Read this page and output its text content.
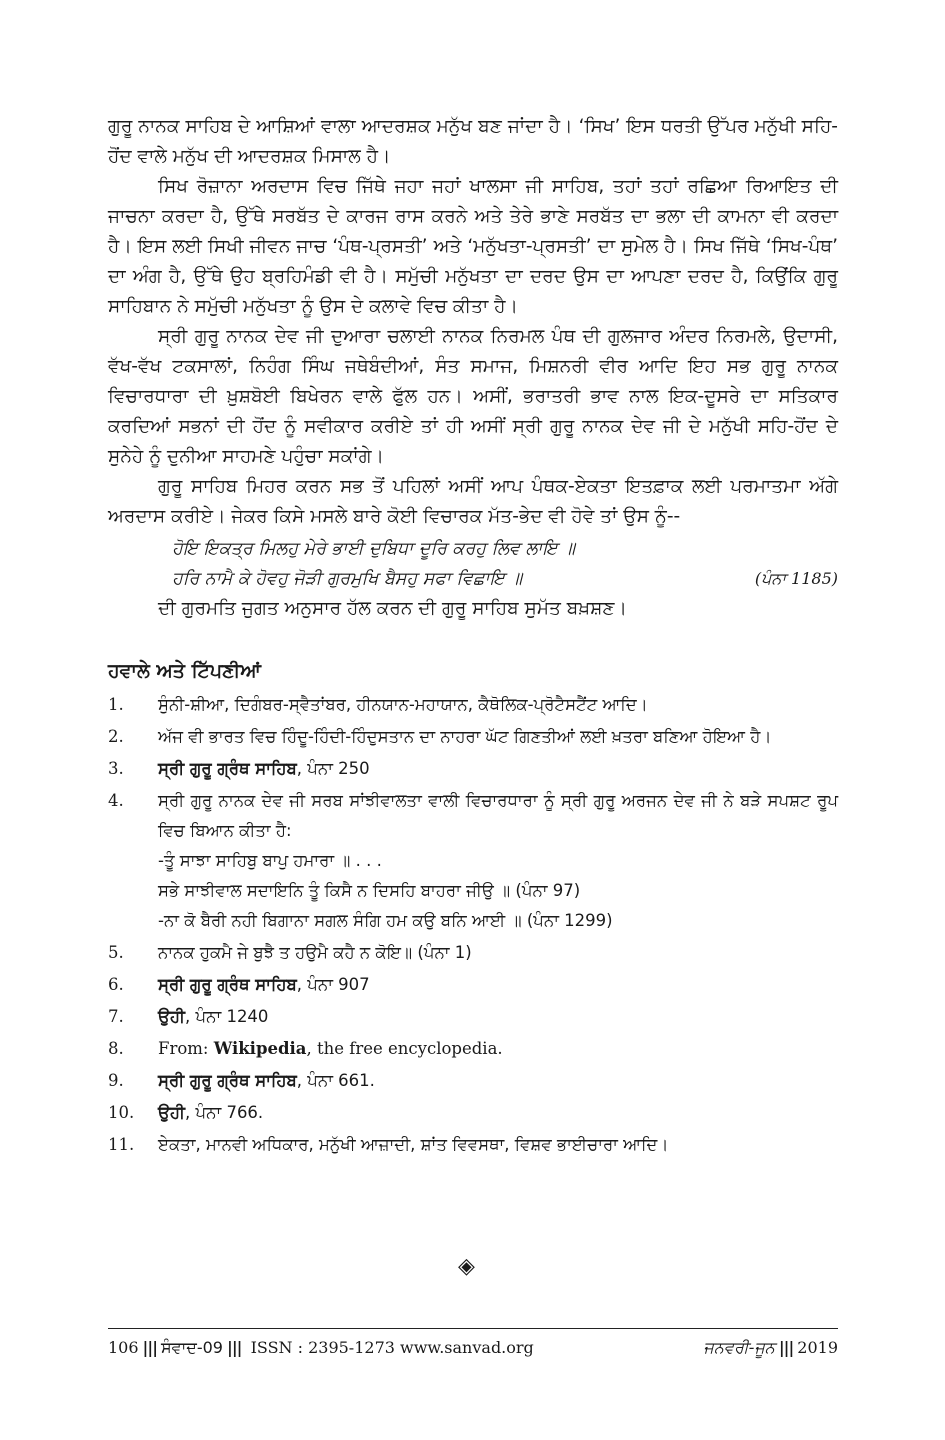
ਗੁਰੂ ਨਾਨਕ ਸਾਹਿਬ ਦੇ ਆਸ਼ਿਆਂ ਵਾਲਾ ਆਦਰਸ਼ਕ ਮਨੁੱਖ ਬਣ ਜਾਂਦਾ ਹੈ। ‘ਸਿਖ’ ਇਸ ਧਰਤੀ ਉੱਪਰ ਮਨੁੱਖੀ ਸਹਿ-ਹੋਂਦ ਵਾਲੇ ਮਨੁੱਖ ਦੀ ਆਦਰਸ਼ਕ ਮਿਸਾਲ ਹੈ।

ਸਿਖ ਰੋਜ਼ਾਨਾ ਅਰਦਾਸ ਵਿਚ ਜਿੱਥੇ ਜਹਾ ਜਹਾਂ ਖਾਲਸਾ ਜੀ ਸਾਹਿਬ, ਤਹਾਂ ਤਹਾਂ ਰਛਿਆ ਰਿਆਇਤ ਦੀ ਜਾਚਨਾ ਕਰਦਾ ਹੈ, ਉੱਥੇ ਸਰਬੱਤ ਦੇ ਕਾਰਜ ਰਾਸ ਕਰਨੇ ਅਤੇ ਤੇਰੇ ਭਾਣੇ ਸਰਬੱਤ ਦਾ ਭਲਾ ਦੀ ਕਾਮਨਾ ਵੀ ਕਰਦਾ ਹੈ। ਇਸ ਲਈ ਸਿਖੀ ਜੀਵਨ ਜਾਚ ‘ਪੰਥ-ਪ੍ਰਸਤੀ’ ਅਤੇ ‘ਮਨੁੱਖਤਾ-ਪ੍ਰਸਤੀ’ ਦਾ ਸੁਮੇਲ ਹੈ। ਸਿਖ ਜਿੱਥੇ ‘ਸਿਖ-ਪੰਥ’ ਦਾ ਅੰਗ ਹੈ, ਉੱਥੇ ਉਹ ਬ੍ਰਹਿਮੰਡੀ ਵੀ ਹੈ। ਸਮੁੱਚੀ ਮਨੁੱਖਤਾ ਦਾ ਦਰਦ ਉਸ ਦਾ ਆਪਣਾ ਦਰਦ ਹੈ, ਕਿਉਂਕਿ ਗੁਰੂ ਸਾਹਿਬਾਨ ਨੇ ਸਮੁੱਚੀ ਮਨੁੱਖਤਾ ਨੂੰ ਉਸ ਦੇ ਕਲਾਵੇ ਵਿਚ ਕੀਤਾ ਹੈ।

ਸ੍ਰੀ ਗੁਰੂ ਨਾਨਕ ਦੇਵ ਜੀ ਦੁਆਰਾ ਚਲਾਈ ਨਾਨਕ ਨਿਰਮਲ ਪੰਥ ਦੀ ਗੁਲਜਾਰ ਅੰਦਰ ਨਿਰਮਲੇ, ਉਦਾਸੀ, ਵੱਖ-ਵੱਖ ਟਕਸਾਲਾਂ, ਨਿਹੰਗ ਸਿੰਘ ਜਥੇਬੰਦੀਆਂ, ਸੰਤ ਸਮਾਜ, ਮਿਸ਼ਨਰੀ ਵੀਰ ਆਦਿ ਇਹ ਸਭ ਗੁਰੂ ਨਾਨਕ ਵਿਚਾਰਧਾਰਾ ਦੀ ਖ਼ੁਸ਼ਬੋਈ ਬਿਖੇਰਨ ਵਾਲੇ ਫੁੱਲ ਹਨ। ਅਸੀਂ, ਭਰਾਤਰੀ ਭਾਵ ਨਾਲ ਇਕ-ਦੂਸਰੇ ਦਾ ਸਤਿਕਾਰ ਕਰਦਿਆਂ ਸਭਨਾਂ ਦੀ ਹੋਂਦ ਨੂੰ ਸਵੀਕਾਰ ਕਰੀਏ ਤਾਂ ਹੀ ਅਸੀਂ ਸ੍ਰੀ ਗੁਰੂ ਨਾਨਕ ਦੇਵ ਜੀ ਦੇ ਮਨੁੱਖੀ ਸਹਿ-ਹੋਂਦ ਦੇ ਸੁਨੇਹੇ ਨੂੰ ਦੁਨੀਆ ਸਾਹਮਣੇ ਪਹੁੰਚਾ ਸਕਾਂਗੇ।

ਗੁਰੂ ਸਾਹਿਬ ਮਿਹਰ ਕਰਨ ਸਭ ਤੋਂ ਪਹਿਲਾਂ ਅਸੀਂ ਆਪ ਪੰਥਕ-ਏਕਤਾ ਇਤਫ਼ਾਕ ਲਈ ਪਰਮਾਤਮਾ ਅੱਗੇ ਅਰਦਾਸ ਕਰੀਏ। ਜੇਕਰ ਕਿਸੇ ਮਸਲੇ ਬਾਰੇ ਕੋਈ ਵਿਚਾਰਕ ਮੱਤ-ਭੇਦ ਵੀ ਹੋਵੇ ਤਾਂ ਉਸ ਨੂੰ--

ਹੋਇ ਇਕਤ੍ਰ ਮਿਲਹੁ ਮੇਰੇ ਭਾਈ ਦੁਬਿਧਾ ਦੂਰਿ ਕਰਹੁ ਲਿਵ ਲਾਇ ॥
ਹਰਿ ਨਾਮੈ ਕੇ ਹੋਵਹੁ ਜੋੜੀ ਗੁਰਮੁਖਿ ਬੈਸਹੁ ਸਫਾ ਵਿਛਾਇ ॥	(ਪੰਨਾ 1185)

ਦੀ ਗੁਰਮਤਿ ਜੁਗਤ ਅਨੁਸਾਰ ਹੱਲ ਕਰਨ ਦੀ ਗੁਰੂ ਸਾਹਿਬ ਸੁਮੱਤ ਬਖ਼ਸ਼ਣ।

ਹਵਾਲੇ ਅਤੇ ਟਿੱਪਣੀਆਂ
1.	ਸੁੰਨੀ-ਸ਼ੀਆ, ਦਿਗੰਬਰ-ਸ੍ਵੈਤਾਂਬਰ, ਹੀਨਯਾਨ-ਮਹਾਯਾਨ, ਕੈਥੋਲਿਕ-ਪ੍ਰੋਟੈਸਟੈਂਟ ਆਦਿ।
2.	ਅੱਜ ਵੀ ਭਾਰਤ ਵਿਚ ਹਿੰਦੂ-ਹਿੰਦੀ-ਹਿੰਦੁਸਤਾਨ ਦਾ ਨਾਹਰਾ ਘੱਟ ਗਿਣਤੀਆਂ ਲਈ ਖ਼ਤਰਾ ਬਣਿਆ ਹੋਇਆ ਹੈ।
3.	ਸ੍ਰੀ ਗੁਰੂ ਗ੍ਰੰਥ ਸਾਹਿਬ, ਪੰਨਾ 250
4.	ਸ੍ਰੀ ਗੁਰੂ ਨਾਨਕ ਦੇਵ ਜੀ ਸਰਬ ਸਾਂਝੀਵਾਲਤਾ ਵਾਲੀ ਵਿਚਾਰਧਾਰਾ ਨੂੰ ਸ੍ਰੀ ਗੁਰੂ ਅਰਜਨ ਦੇਵ ਜੀ ਨੇ ਬੜੇ ਸਪਸ਼ਟ ਰੂਪ ਵਿਚ ਬਿਆਨ ਕੀਤਾ ਹੈ:
-ਤੂੰ ਸਾਝਾ ਸਾਹਿਬੁ ਬਾਪੁ ਹਮਾਰਾ ॥ . . .
ਸਭੇ ਸਾਝੀਵਾਲ ਸਦਾਇਨਿ ਤੂੰ ਕਿਸੈ ਨ ਦਿਸਹਿ ਬਾਹਰਾ ਜੀਉ ॥ (ਪੰਨਾ 97)
-ਨਾ ਕੋ ਬੈਰੀ ਨਹੀ ਬਿਗਾਨਾ ਸਗਲ ਸੰਗਿ ਹਮ ਕਉ ਬਨਿ ਆਈ ॥ (ਪੰਨਾ 1299)
5.	ਨਾਨਕ ਹੁਕਮੈ ਜੇ ਬੁਝੈ ਤ ਹਉਮੈ ਕਹੈ ਨ ਕੋਇ॥ (ਪੰਨਾ 1)
6.	ਸ੍ਰੀ ਗੁਰੂ ਗ੍ਰੰਥ ਸਾਹਿਬ, ਪੰਨਾ 907
7.	ਉਹੀ, ਪੰਨਾ 1240
8.	From: Wikipedia, the free encyclopedia.
9.	ਸ੍ਰੀ ਗੁਰੂ ਗ੍ਰੰਥ ਸਾਹਿਬ, ਪੰਨਾ 661.
10.	ਉਹੀ, ਪੰਨਾ 766.
11.	ਏਕਤਾ, ਮਾਨਵੀ ਅਧਿਕਾਰ, ਮਨੁੱਖੀ ਆਜ਼ਾਦੀ, ਸ਼ਾਂਤ ਵਿਵਸਥਾ, ਵਿਸ਼ਵ ਭਾਈਚਾਰਾ ਆਦਿ।
◈
106 ||| ਸੰਵਾਦ-09 ||| ISSN : 2395-1273 www.sanvad.org	ਜਨਵਰੀ-ਜੂਨ ||| 2019
